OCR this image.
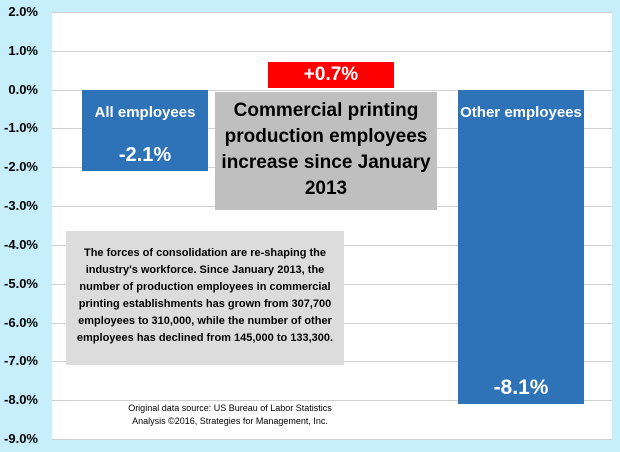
2.0%
1.0%
0.0%
-1.0%
-2.0%
-3.0%
-4.0%
-5.0%
-6.0%
-7.0%
-8.0%
-9.0%
All employees
-2.1%
Other employees
-8.1%
+0.7%
Commercial printing production employees increase since January 2013
The forces of consolidation are re-shaping the industry's workforce. Since January 2013, the number of production employees in commercial printing establishments has grown from 307,700 employees to 310,000, while the number of other employees has declined from 145,000 to 133,300.
Original data source: US Bureau of Labor Statistics
Analysis ©2016, Strategies for Management, Inc.
